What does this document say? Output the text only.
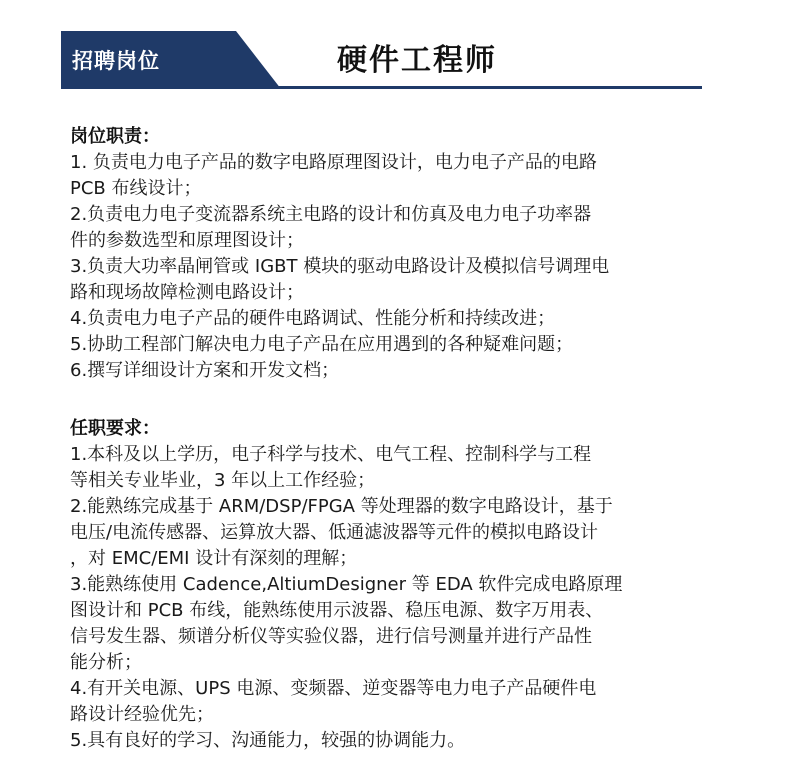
招聘岗位	硬件工程师
岗位职责：
1. 负责电力电子产品的数字电路原理图设计，电力电子产品的电路
PCB 布线设计；
2.负责电力电子变流器系统主电路的设计和仿真及电力电子功率器
件的参数选型和原理图设计；
3.负责大功率晶闸管或 IGBT 模块的驱动电路设计及模拟信号调理电
路和现场故障检测电路设计；
4.负责电力电子产品的硬件电路调试、性能分析和持续改进；
5.协助工程部门解决电力电子产品在应用遇到的各种疑难问题；
6.撰写详细设计方案和开发文档；
任职要求：
1.本科及以上学历，电子科学与技术、电气工程、控制科学与工程
等相关专业毕业，3 年以上工作经验；
2.能熟练完成基于 ARM/DSP/FPGA 等处理器的数字电路设计，基于
电压/电流传感器、运算放大器、低通滤波器等元件的模拟电路设计
，对 EMC/EMI 设计有深刻的理解；
3.能熟练使用 Cadence,AltiumDesigner 等 EDA 软件完成电路原理
图设计和 PCB 布线，能熟练使用示波器、稳压电源、数字万用表、
信号发生器、频谱分析仪等实验仪器，进行信号测量并进行产品性
能分析；
4.有开关电源、UPS 电源、变频器、逆变器等电力电子产品硬件电
路设计经验优先；
5.具有良好的学习、沟通能力，较强的协调能力。
